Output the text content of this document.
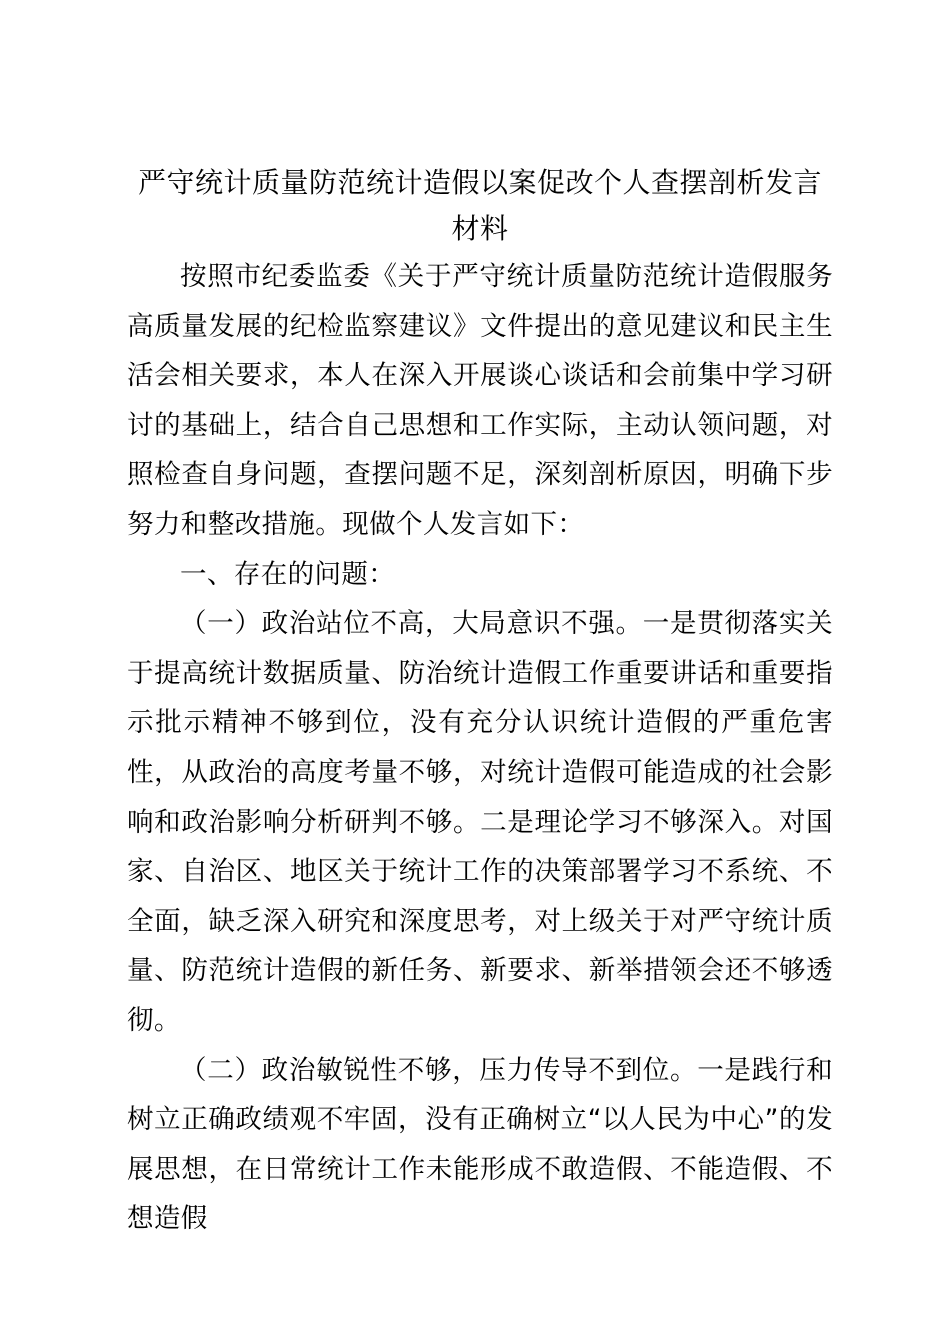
严守统计质量防范统计造假以案促改个人查摆剖析发言材料

按照市纪委监委《关于严守统计质量防范统计造假服务高质量发展的纪检监察建议》文件提出的意见建议和民主生活会相关要求，本人在深入开展谈心谈话和会前集中学习研讨的基础上，结合自己思想和工作实际，主动认领问题，对照检查自身问题，查摆问题不足，深刻剖析原因，明确下步努力和整改措施。现做个人发言如下：

一、存在的问题：

（一）政治站位不高，大局意识不强。一是贯彻落实关于提高统计数据质量、防治统计造假工作重要讲话和重要指示批示精神不够到位，没有充分认识统计造假的严重危害性，从政治的高度考量不够，对统计造假可能造成的社会影响和政治影响分析研判不够。二是理论学习不够深入。对国家、自治区、地区关于统计工作的决策部署学习不系统、不全面，缺乏深入研究和深度思考，对上级关于对严守统计质量、防范统计造假的新任务、新要求、新举措领会还不够透彻。

（二）政治敏锐性不够，压力传导不到位。一是践行和树立正确政绩观不牢固，没有正确树立“以人民为中心”的发展思想，在日常统计工作未能形成不敢造假、不能造假、不想造假
